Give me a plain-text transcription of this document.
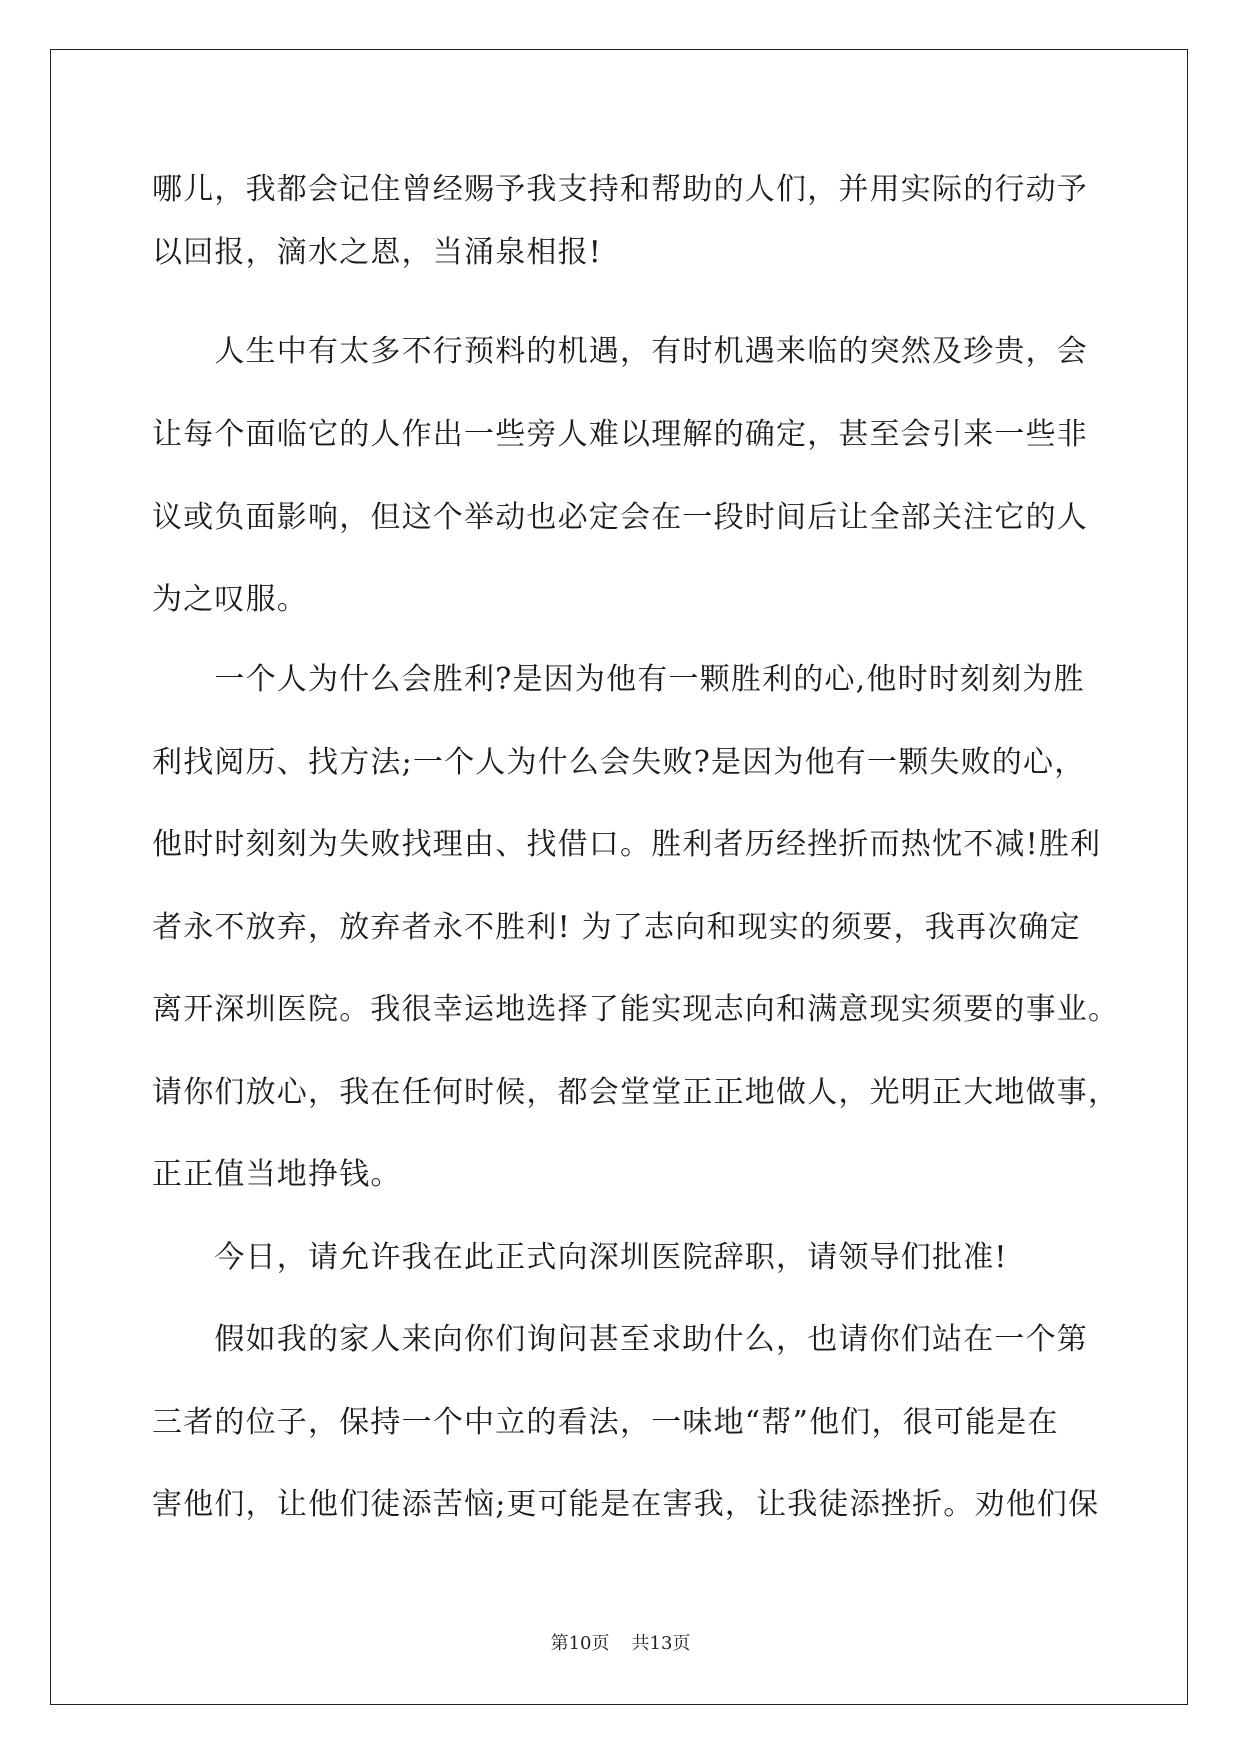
哪儿，我都会记住曾经赐予我支持和帮助的人们，并用实际的行动予
以回报，滴水之恩，当涌泉相报!
　　人生中有太多不行预料的机遇，有时机遇来临的突然及珍贵，会
让每个面临它的人作出一些旁人难以理解的确定，甚至会引来一些非
议或负面影响，但这个举动也必定会在一段时间后让全部关注它的人
为之叹服。
　　一个人为什么会胜利?是因为他有一颗胜利的心,他时时刻刻为胜
利找阅历、找方法;一个人为什么会失败?是因为他有一颗失败的心，
他时时刻刻为失败找理由、找借口。胜利者历经挫折而热忱不减!胜利
者永不放弃，放弃者永不胜利! 为了志向和现实的须要，我再次确定
离开深圳医院。我很幸运地选择了能实现志向和满意现实须要的事业。
请你们放心，我在任何时候，都会堂堂正正地做人，光明正大地做事，
正正值当地挣钱。
　　今日，请允许我在此正式向深圳医院辞职，请领导们批准!
　　假如我的家人来向你们询问甚至求助什么，也请你们站在一个第
三者的位子，保持一个中立的看法，一味地“帮”他们，很可能是在
害他们，让他们徒添苦恼;更可能是在害我，让我徒添挫折。劝他们保
第10页 共13页
